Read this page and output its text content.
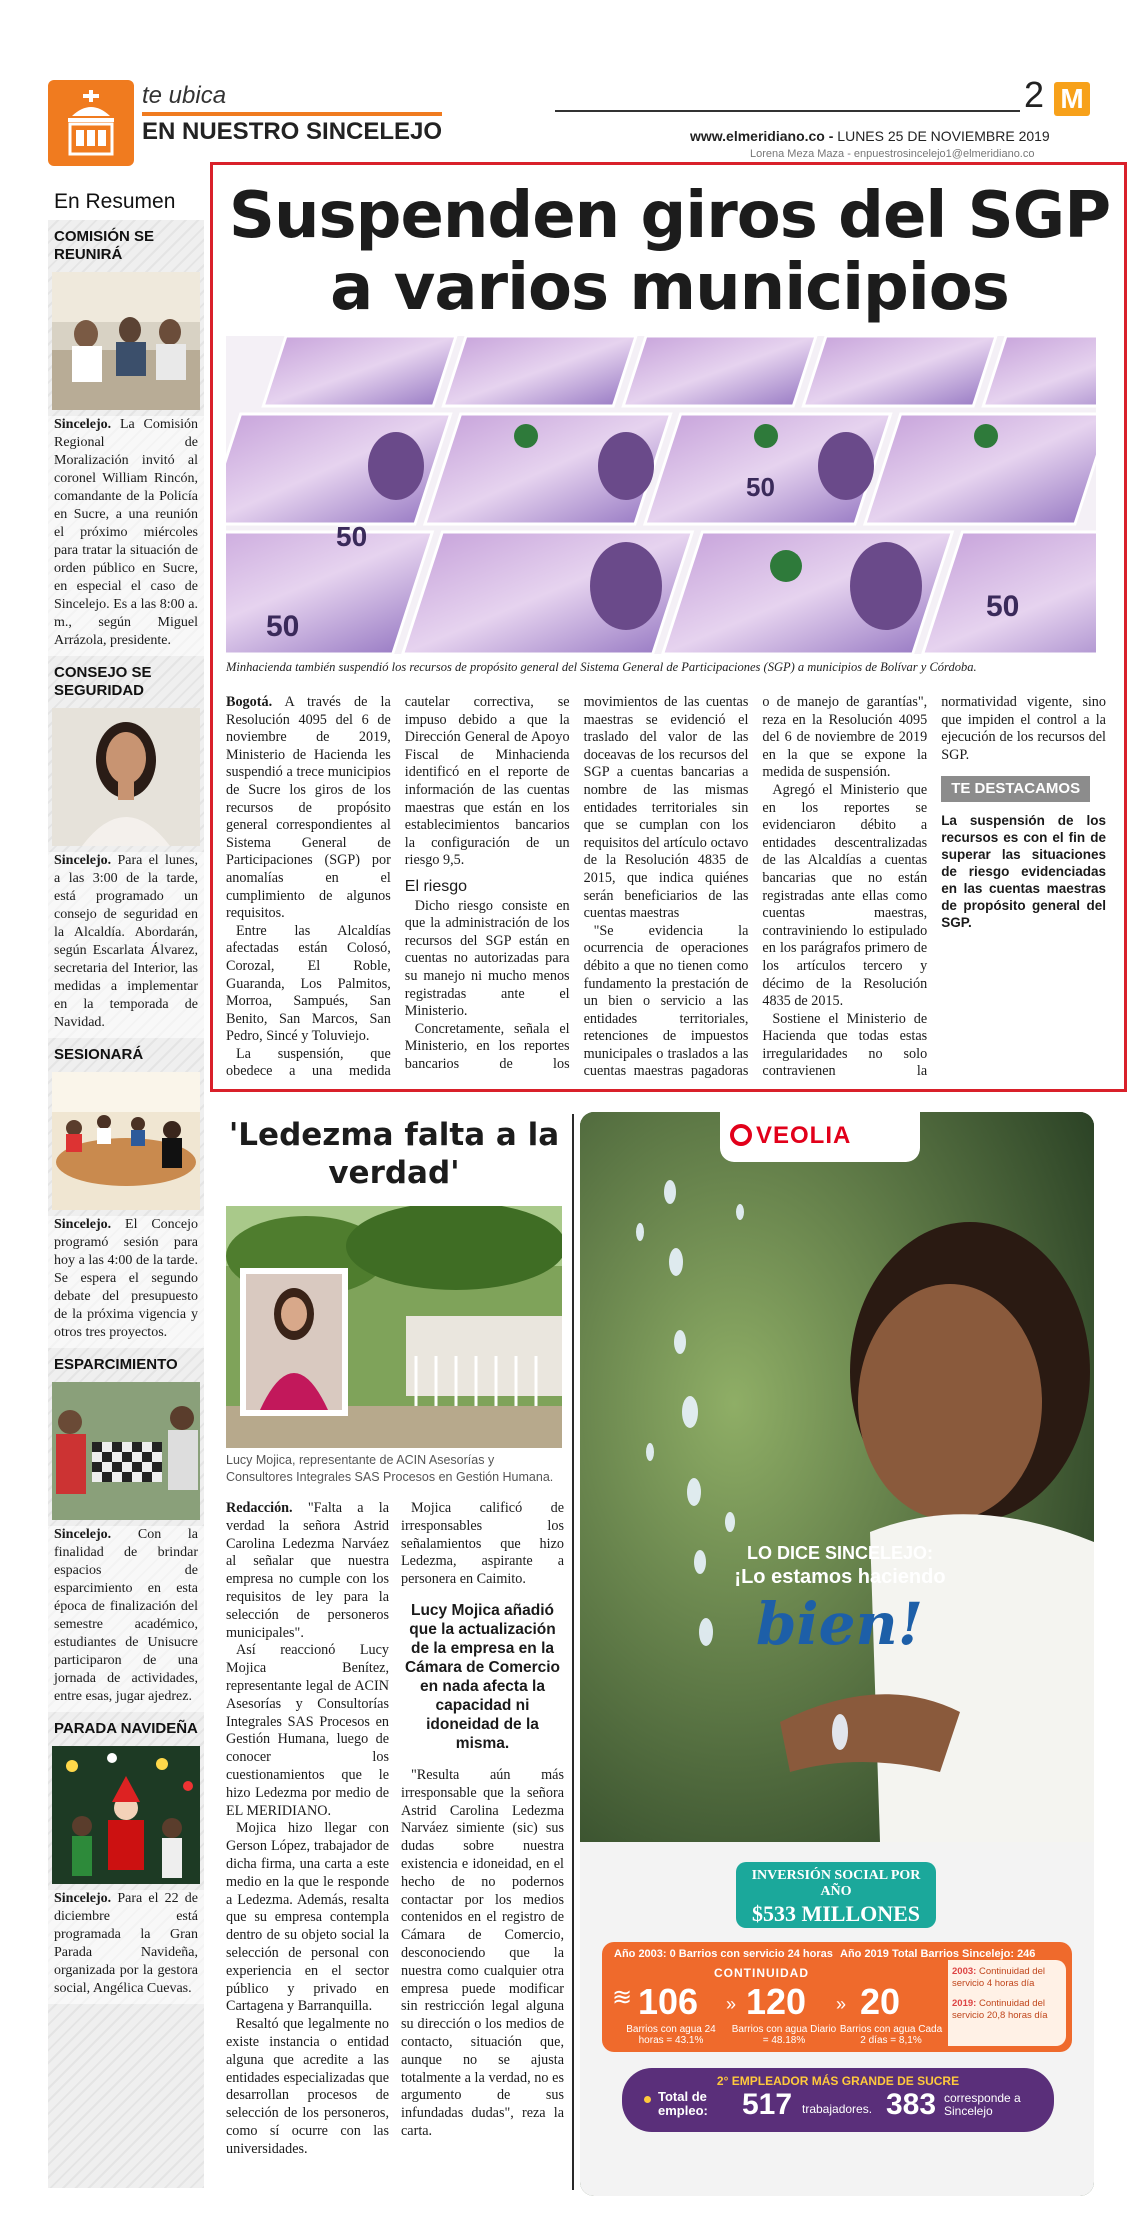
te ubica
EN NUESTRO SINCELEJO
2 M
www.elmeridiano.co - LUNES 25 DE NOVIEMBRE 2019
Lorena Meza Maza - enpuestrosincelejo1@elmeridiano.co
En Resumen
COMISIÓN SE REUNIRÁ
Sincelejo. La Comisión Regional de Moralización invitó al coronel William Rincón, comandante de la Policía en Sucre, a una reunión el próximo miércoles para tratar la situación de orden público en Sucre, en especial el caso de Sincelejo. Es a las 8:00 a. m., según Miguel Arrázola, presidente.
CONSEJO SE SEGURIDAD
Sincelejo. Para el lunes, a las 3:00 de la tarde, está programado un consejo de seguridad en la Alcaldía. Abordarán, según Escarlata Álvarez, secretaria del Interior, las medidas a implementar en la temporada de Navidad.
SESIONARÁ
Sincelejo. El Concejo programó sesión para hoy a las 4:00 de la tarde. Se espera el segundo debate del presupuesto de la próxima vigencia y otros tres proyectos.
ESPARCIMIENTO
Sincelejo. Con la finalidad de brindar espacios de esparcimiento en esta época de finalización del semestre académico, estudiantes de Unisucre participaron de una jornada de actividades, entre esas, jugar ajedrez.
PARADA NAVIDEÑA
Sincelejo. Para el 22 de diciembre está programada la Gran Parada Navideña, organizada por la gestora social, Angélica Cuevas.
Suspenden giros del SGP a varios municipios
50
50
50
50
Minhacienda también suspendió los recursos de propósito general del Sistema General de Participaciones (SGP) a municipios de Bolívar y Córdoba.

Bogotá. A través de la Resolución 4095 del 6 de noviembre de 2019, Ministerio de Hacienda les suspendió a trece municipios de Sucre los giros de los recursos de propósito general correspondientes al Sistema General de Participaciones (SGP) por anomalías en el cumplimiento de algunos requisitos.

Entre las Alcaldías afectadas están Colosó, Corozal, El Roble, Guaranda, Los Palmitos, Morroa, Sampués, San Benito, San Marcos, San Pedro, Sincé y Toluviejo.

La suspensión, que obedece a una medida cautelar correctiva, se impuso debido a que la Dirección General de Apoyo Fiscal de Minhacienda identificó en el reporte de información de las cuentas maestras que están en los establecimientos bancarios la configuración de un riesgo 9,5.

El riesgo

Dicho riesgo consiste en que la administración de los recursos del SGP están en cuentas no autorizadas para su manejo ni mucho menos registradas ante el Ministerio.

Concretamente, señala el Ministerio, en los reportes bancarios de los movimientos de las cuentas maestras se evidenció el traslado del valor de las doceavas de los recursos del SGP a cuentas bancarias a nombre de las mismas entidades territoriales sin que se cumplan con los requisitos del artículo octavo de la Resolución 4835 de 2015, que indica quiénes serán beneficiarios de las cuentas maestras

"Se evidencia la ocurrencia de operaciones débito a que no tienen como fundamento la prestación de un bien o servicio a las entidades territoriales, retenciones de impuestos municipales o traslados a las cuentas maestras pagadoras o de manejo de garantías", reza en la Resolución 4095 del 6 de noviembre de 2019 en la que se expone la medida de suspensión.

Agregó el Ministerio que en los reportes se evidenciaron débito a entidades descentralizadas de las Alcaldías a cuentas bancarias que no están registradas ante ellas como cuentas maestras, contraviniendo lo estipulado en los parágrafos primero de los artículos tercero y décimo de la Resolución 4835 de 2015.

Sostiene el Ministerio de Hacienda que todas estas irregularidades no solo contravienen la normatividad vigente, sino que impiden el control a la ejecución de los recursos del SGP.

TE DESTACAMOS
La suspensión de los recursos es con el fin de superar las situaciones de riesgo evidenciadas en las cuentas maestras de propósito general del SGP.
'Ledezma falta a la verdad'
Lucy Mojica, representante de ACIN Asesorías y Consultores Integrales SAS Procesos en Gestión Humana.

Redacción. "Falta a la verdad la señora Astrid Carolina Ledezma Narváez al señalar que nuestra empresa no cumple con los requisitos de ley para la selección de personeros municipales".

Así reaccionó Lucy Mojica Benítez, representante legal de ACIN Asesorías y Consultorías Integrales SAS Procesos en Gestión Humana, luego de conocer los cuestionamientos que le hizo Ledezma por medio de EL MERIDIANO.

Mojica hizo llegar con Gerson López, trabajador de dicha firma, una carta a este medio en la que le responde a Ledezma. Además, resalta que su empresa contempla dentro de su objeto social la selección de personal con experiencia en el sector público y privado en Cartagena y Barranquilla.

Resaltó que legalmente no existe instancia o entidad alguna que acredite a las entidades especializadas que desarrollan procesos de selección de los personeros, como sí ocurre con las universidades.

Mojica calificó de irresponsables los señalamientos que hizo Ledezma, aspirante a personera en Caimito.

Lucy Mojica añadió que la actualización de la empresa en la Cámara de Comercio en nada afecta la capacidad ni idoneidad de la misma.

"Resulta aún más irresponsable que la señora Astrid Carolina Ledezma Narváez simiente (sic) sus dudas sobre nuestra existencia e idoneidad, en el hecho de no podernos contactar por los medios contenidos en el registro de Cámara de Comercio, desconociendo que la nuestra como cualquier otra empresa puede modificar sin restricción legal alguna su dirección o los medios de contacto, situación que, aunque no se ajusta totalmente a la verdad, no es argumento de sus infundadas dudas", reza la carta.

VEOLIA
LO DICE SINCELEJO:
¡Lo estamos haciendo
bien!
INVERSIÓN SOCIAL POR AÑO
$533 MILLONES
Año 2003: 0 Barrios con servicio 24 horas Año 2019 Total Barrios Sincelejo: 246
CONTINUIDAD
≋ 106
Barrios con agua 24 horas = 43.1%
» 120
Barrios con agua Diario = 48.18%
» 20
Barrios con agua Cada 2 días = 8,1%
2003: Continuidad del servicio 4 horas día
2019: Continuidad del servicio 20,8 horas día
2° EMPLEADOR MÁS GRANDE DE SUCRE
Total de empleo:	517 trabajadores. 383 corresponde a Sincelejo
